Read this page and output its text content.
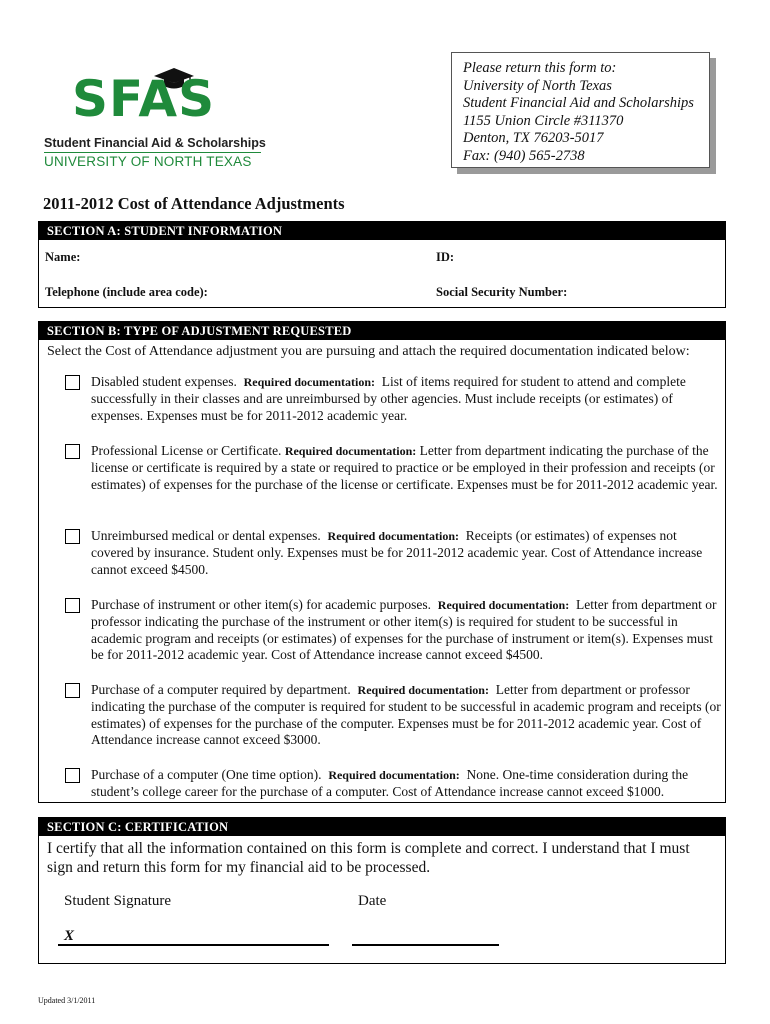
SFAS
Student Financial Aid & Scholarships
UNIVERSITY OF NORTH TEXAS
Please return this form to:
University of North Texas
Student Financial Aid and Scholarships
1155 Union Circle #311370
Denton, TX 76203-5017
Fax: (940) 565-2738
2011-2012 Cost of Attendance Adjustments
SECTION A: STUDENT INFORMATION
Name:	ID:
Telephone (include area code):	Social Security Number:
SECTION B: TYPE OF ADJUSTMENT REQUESTED
Select the Cost of Attendance adjustment you are pursuing and attach the required documentation indicated below:
Disabled student expenses. Required documentation: List of items required for student to attend and complete successfully in their classes and are unreimbursed by other agencies. Must include receipts (or estimates) of expenses. Expenses must be for 2011-2012 academic year.
Professional License or Certificate. Required documentation: Letter from department indicating the purchase of the license or certificate is required by a state or required to practice or be employed in their profession and receipts (or estimates) of expenses for the purchase of the license or certificate. Expenses must be for 2011-2012 academic year.
Unreimbursed medical or dental expenses. Required documentation: Receipts (or estimates) of expenses not covered by insurance. Student only. Expenses must be for 2011-2012 academic year. Cost of Attendance increase cannot exceed $4500.
Purchase of instrument or other item(s) for academic purposes. Required documentation: Letter from department or professor indicating the purchase of the instrument or other item(s) is required for student to be successful in academic program and receipts (or estimates) of expenses for the purchase of instrument or item(s). Expenses must be for 2011-2012 academic year. Cost of Attendance increase cannot exceed $4500.
Purchase of a computer required by department. Required documentation: Letter from department or professor indicating the purchase of the computer is required for student to be successful in academic program and receipts (or estimates) of expenses for the purchase of the computer. Expenses must be for 2011-2012 academic year. Cost of Attendance increase cannot exceed $3000.
Purchase of a computer (One time option). Required documentation: None. One-time consideration during the student’s college career for the purchase of a computer. Cost of Attendance increase cannot exceed $1000.
SECTION C: CERTIFICATION
I certify that all the information contained on this form is complete and correct. I understand that I must sign and return this form for my financial aid to be processed.
Student Signature	Date
X
Updated 3/1/2011
